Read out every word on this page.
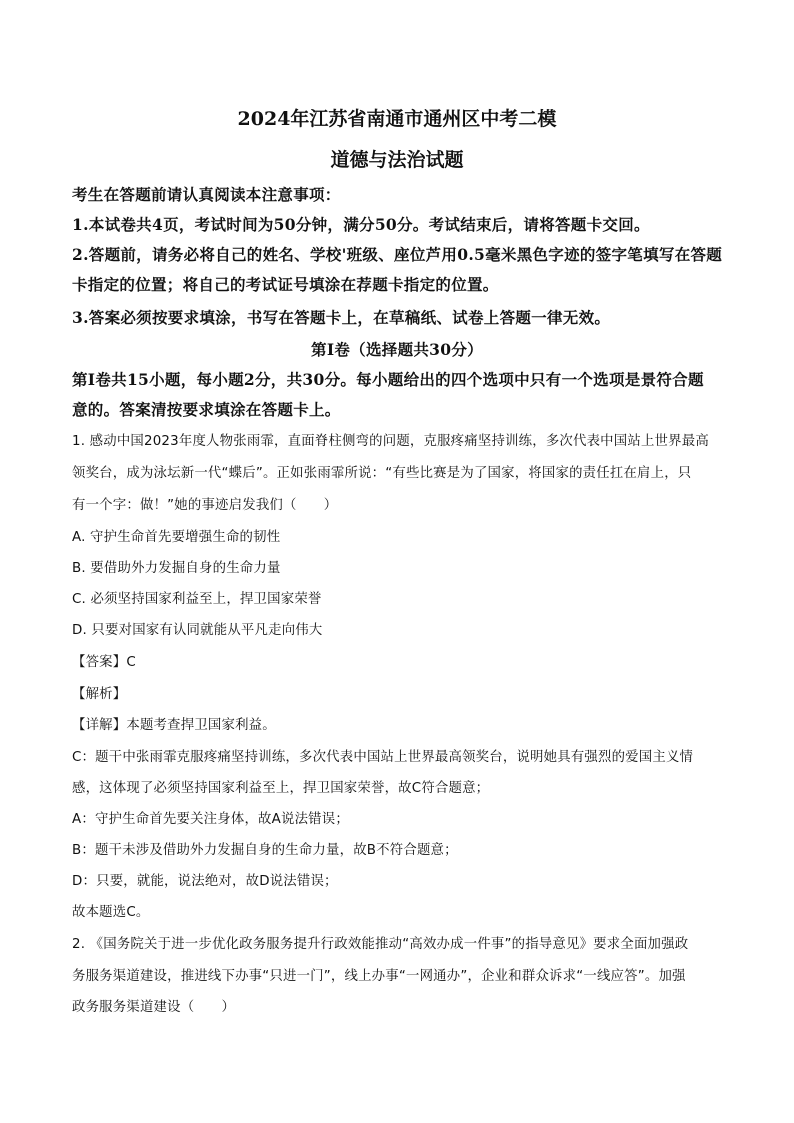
2024年江苏省南通市通州区中考二模
道德与法治试题
考生在答题前请认真阅读本注意事项：
1.本试卷共4页，考试时间为50分钟，满分50分。考试结束后，请将答题卡交回。
2.答题前，请务必将自己的姓名、学校'班级、座位芦用0.5毫米黑色字迹的签字笔填写在答题
卡指定的位置；将自己的考试证号填涂在荐题卡指定的位置。
3.答案必须按要求填涂，书写在答题卡上，在草稿纸、试卷上答题一律无效。
第Ⅰ卷（选择题共30分）
第Ⅰ卷共15小题，每小题2分，共30分。每小题给出的四个选项中只有一个选项是景符合题
意的。答案清按要求填涂在答题卡上。
1. 感动中国2023年度人物张雨霏，直面脊柱侧弯的问题，克服疼痛坚持训练，多次代表中国站上世界最高
领奖台，成为泳坛新一代“蝶后”。正如张雨霏所说：“有些比赛是为了国家，将国家的责任扛在肩上，只
有一个字：做！”她的事迹启发我们（　　）
A. 守护生命首先要增强生命的韧性
B. 要借助外力发掘自身的生命力量
C. 必须坚持国家利益至上，捍卫国家荣誉
D. 只要对国家有认同就能从平凡走向伟大
【答案】C
【解析】
【详解】本题考查捍卫国家利益。
C：题干中张雨霏克服疼痛坚持训练，多次代表中国站上世界最高领奖台，说明她具有强烈的爱国主义情
感，这体现了必须坚持国家利益至上，捍卫国家荣誉，故C符合题意；
A：守护生命首先要关注身体，故A说法错误；
B：题干未涉及借助外力发掘自身的生命力量，故B不符合题意；
D：只要，就能，说法绝对，故D说法错误；
故本题选C。
2. 《国务院关于进一步优化政务服务提升行政效能推动“高效办成一件事”的指导意见》要求全面加强政
务服务渠道建设，推进线下办事“只进一门”，线上办事“一网通办”，企业和群众诉求“一线应答”。加强
政务服务渠道建设（　　）
